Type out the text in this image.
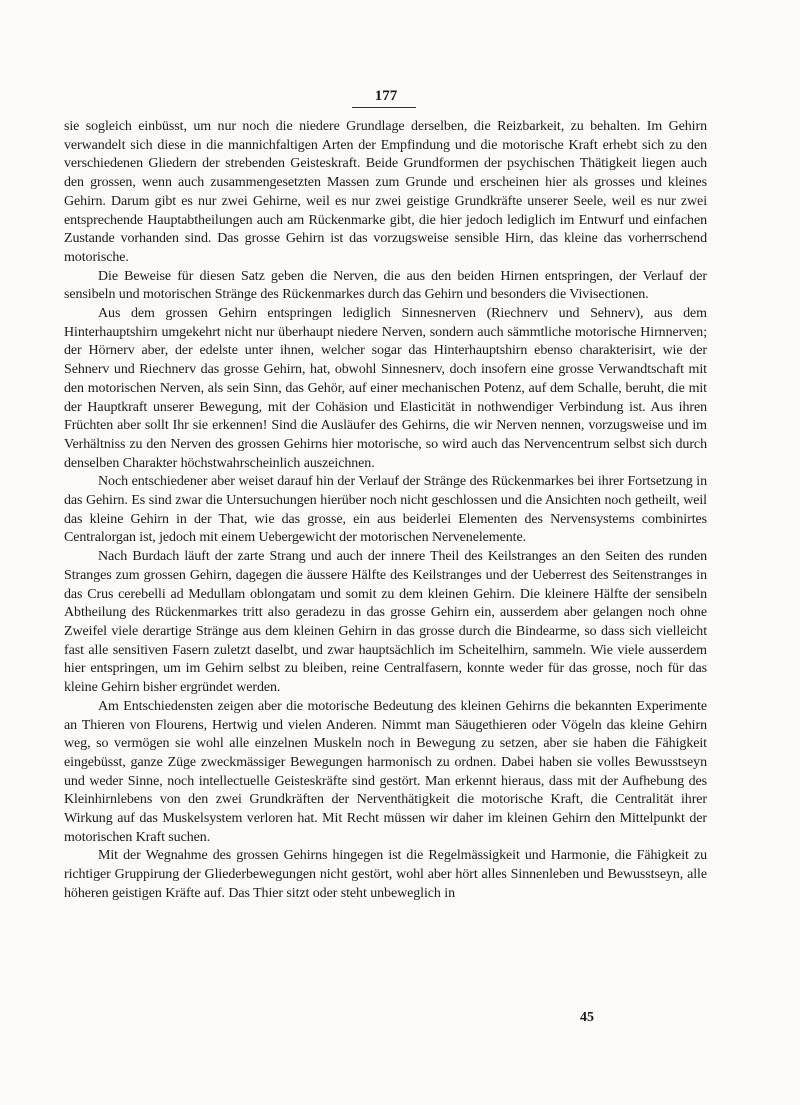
177

sie sogleich einbüsst, um nur noch die niedere Grundlage derselben, die Reizbarkeit, zu behalten. Im Gehirn verwandelt sich diese in die mannichfaltigen Arten der Empfindung und die motorische Kraft erhebt sich zu den verschiedenen Gliedern der strebenden Geisteskraft. Beide Grundformen der psychischen Thätigkeit liegen auch den grossen, wenn auch zusammengesetzten Massen zum Grunde und erscheinen hier als grosses und kleines Gehirn. Darum gibt es nur zwei Gehirne, weil es nur zwei geistige Grundkräfte unserer Seele, weil es nur zwei entsprechende Hauptabtheilungen auch am Rückenmarke gibt, die hier jedoch lediglich im Entwurf und einfachen Zustande vorhanden sind. Das grosse Gehirn ist das vorzugsweise sensible Hirn, das kleine das vorherrschend motorische.

Die Beweise für diesen Satz geben die Nerven, die aus den beiden Hirnen entspringen, der Verlauf der sensibeln und motorischen Stränge des Rückenmarkes durch das Gehirn und besonders die Vivisectionen.

Aus dem grossen Gehirn entspringen lediglich Sinnesnerven (Riechnerv und Sehnerv), aus dem Hinterhauptshirn umgekehrt nicht nur überhaupt niedere Nerven, sondern auch sämmtliche motorische Hirnnerven; der Hörnerv aber, der edelste unter ihnen, welcher sogar das Hinterhauptshirn ebenso charakterisirt, wie der Sehnerv und Riechnerv das grosse Gehirn, hat, obwohl Sinnesnerv, doch insofern eine grosse Verwandtschaft mit den motorischen Nerven, als sein Sinn, das Gehör, auf einer mechanischen Potenz, auf dem Schalle, beruht, die mit der Hauptkraft unserer Bewegung, mit der Cohäsion und Elasticität in nothwendiger Verbindung ist. Aus ihren Früchten aber sollt Ihr sie erkennen! Sind die Ausläufer des Gehirns, die wir Nerven nennen, vorzugsweise und im Verhältniss zu den Nerven des grossen Gehirns hier motorische, so wird auch das Nervencentrum selbst sich durch denselben Charakter höchstwahrscheinlich auszeichnen.

Noch entschiedener aber weiset darauf hin der Verlauf der Stränge des Rückenmarkes bei ihrer Fortsetzung in das Gehirn. Es sind zwar die Untersuchungen hierüber noch nicht geschlossen und die Ansichten noch getheilt, weil das kleine Gehirn in der That, wie das grosse, ein aus beiderlei Elementen des Nervensystems combinirtes Centralorgan ist, jedoch mit einem Uebergewicht der motorischen Nervenelemente.

Nach Burdach läuft der zarte Strang und auch der innere Theil des Keilstranges an den Seiten des runden Stranges zum grossen Gehirn, dagegen die äussere Hälfte des Keilstranges und der Ueberrest des Seitenstranges in das Crus cerebelli ad Medullam oblongatam und somit zu dem kleinen Gehirn. Die kleinere Hälfte der sensibeln Abtheilung des Rückenmarkes tritt also geradezu in das grosse Gehirn ein, ausserdem aber gelangen noch ohne Zweifel viele derartige Stränge aus dem kleinen Gehirn in das grosse durch die Bindearme, so dass sich vielleicht fast alle sensitiven Fasern zuletzt daselbt, und zwar hauptsächlich im Scheitelhirn, sammeln. Wie viele ausserdem hier entspringen, um im Gehirn selbst zu bleiben, reine Centralfasern, konnte weder für das grosse, noch für das kleine Gehirn bisher ergründet werden.

Am Entschiedensten zeigen aber die motorische Bedeutung des kleinen Gehirns die bekannten Experimente an Thieren von Flourens, Hertwig und vielen Anderen. Nimmt man Säugethieren oder Vögeln das kleine Gehirn weg, so vermögen sie wohl alle einzelnen Muskeln noch in Bewegung zu setzen, aber sie haben die Fähigkeit eingebüsst, ganze Züge zweckmässiger Bewegungen harmonisch zu ordnen. Dabei haben sie volles Bewusstseyn und weder Sinne, noch intellectuelle Geisteskräfte sind gestört. Man erkennt hieraus, dass mit der Aufhebung des Kleinhirnlebens von den zwei Grundkräften der Nerventhätigkeit die motorische Kraft, die Centralität ihrer Wirkung auf das Muskelsystem verloren hat. Mit Recht müssen wir daher im kleinen Gehirn den Mittelpunkt der motorischen Kraft suchen.

Mit der Wegnahme des grossen Gehirns hingegen ist die Regelmässigkeit und Harmonie, die Fähigkeit zu richtiger Gruppirung der Gliederbewegungen nicht gestört, wohl aber hört alles Sinnenleben und Bewusstseyn, alle höheren geistigen Kräfte auf. Das Thier sitzt oder steht unbeweglich in

45
